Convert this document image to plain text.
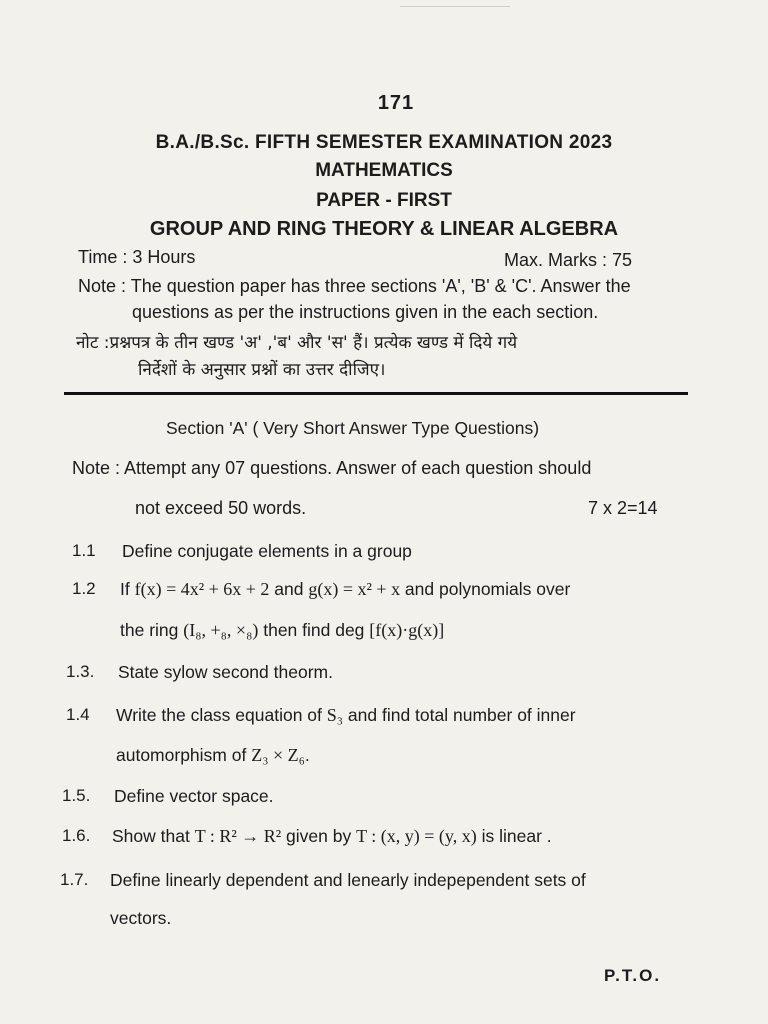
171
B.A./B.Sc. FIFTH SEMESTER EXAMINATION 2023
MATHEMATICS
PAPER - FIRST
GROUP AND RING THEORY & LINEAR ALGEBRA
Time : 3 Hours	Max. Marks : 75
Note : The question paper has three sections 'A', 'B' & 'C'. Answer the
questions as per the instructions given in the each section.
नोट :प्रश्नपत्र के तीन खण्ड 'अ' ,'ब' और 'स' हैं। प्रत्येक खण्ड में दिये गये
निर्देशों के अनुसार प्रश्नों का उत्तर दीजिए।
Section 'A' ( Very Short Answer Type Questions)
Note : Attempt any 07 questions. Answer of each question should
not exceed 50 words.	7 x 2=14
1.1 Define conjugate elements in a group
1.2 If f(x) = 4x² + 6x + 2 and g(x) = x² + x and polynomials over
the ring (I₈, +₈, ×₈) then find deg [f(x)·g(x)]
1.3. State sylow second theorm.
1.4 Write the class equation of S₃ and find total number of inner
automorphism of Z₃ × Z₆.
1.5. Define vector space.
1.6. Show that T : R² → R² given by T : (x, y) = (y, x) is linear .
1.7. Define linearly dependent and lenearly indepependent sets of
vectors.
P.T.O.
